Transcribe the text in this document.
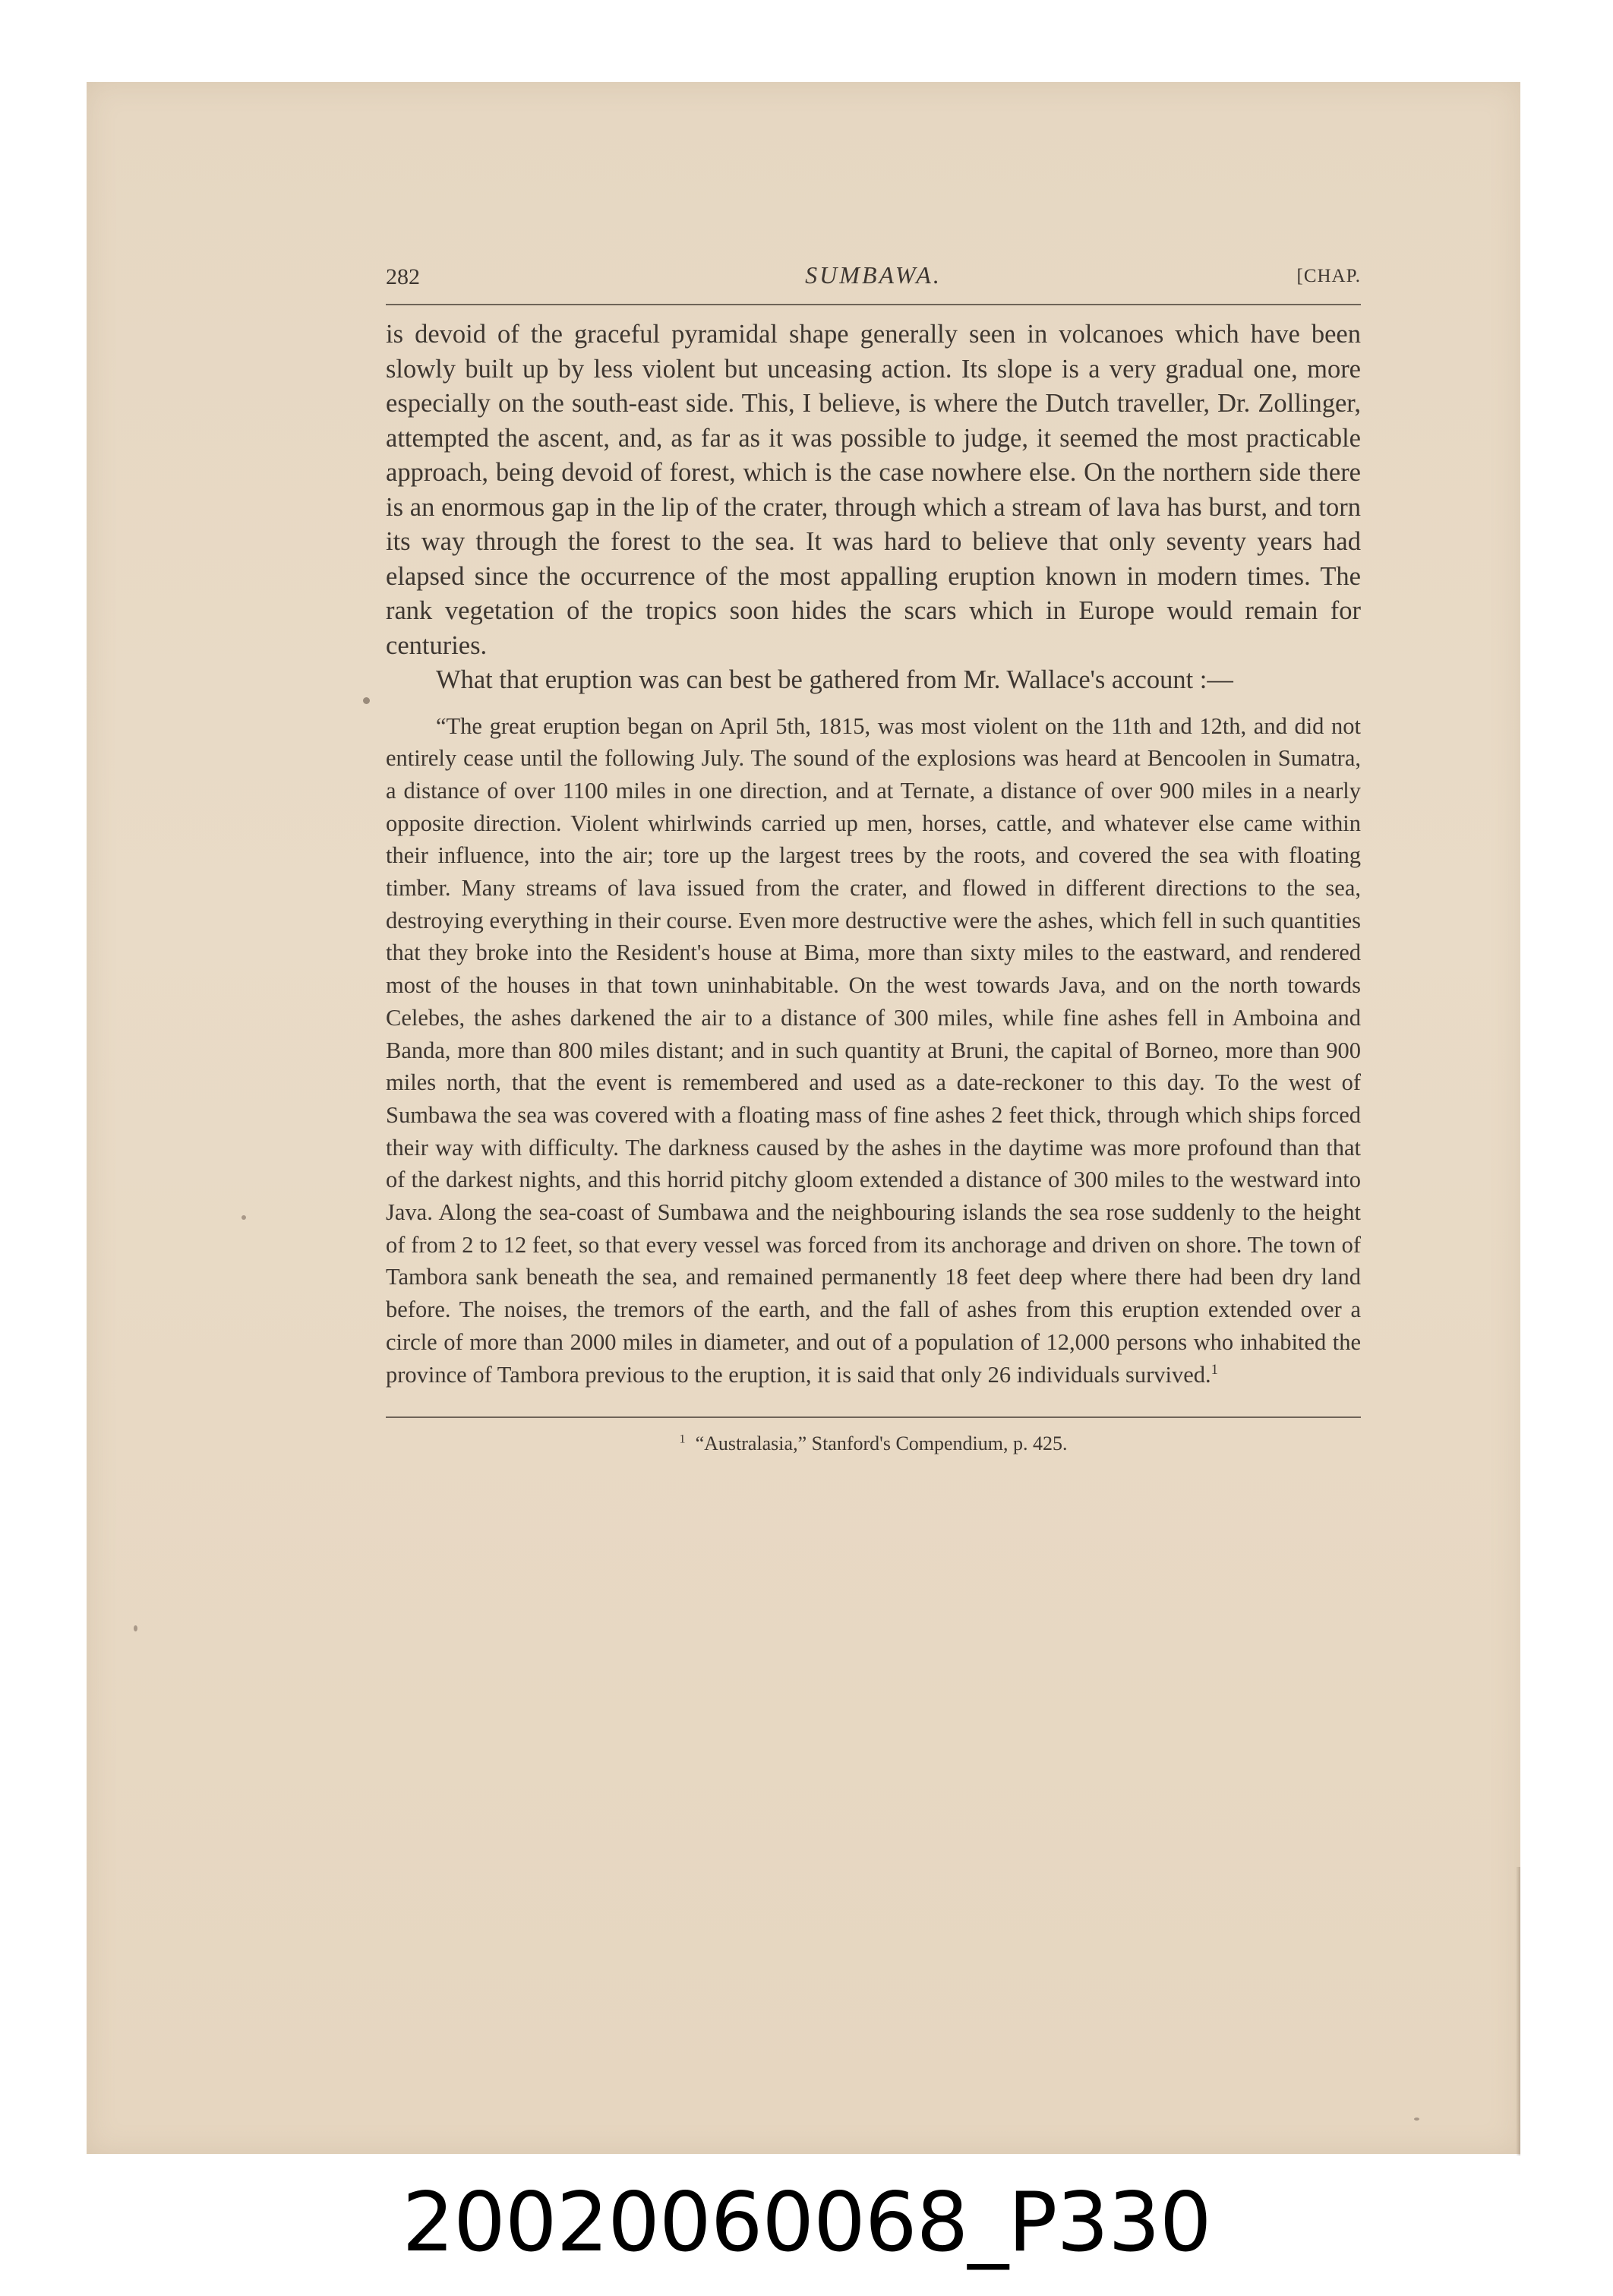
282	SUMBAWA.	[CHAP.

is devoid of the graceful pyramidal shape generally seen in volcanoes which have been slowly built up by less violent but unceasing action. Its slope is a very gradual one, more especially on the south-east side. This, I believe, is where the Dutch traveller, Dr. Zollinger, attempted the ascent, and, as far as it was possible to judge, it seemed the most practicable approach, being devoid of forest, which is the case nowhere else. On the northern side there is an enormous gap in the lip of the crater, through which a stream of lava has burst, and torn its way through the forest to the sea. It was hard to believe that only seventy years had elapsed since the occurrence of the most appalling eruption known in modern times. The rank vegetation of the tropics soon hides the scars which in Europe would remain for centuries.

What that eruption was can best be gathered from Mr. Wallace's account :—

“The great eruption began on April 5th, 1815, was most violent on the 11th and 12th, and did not entirely cease until the following July. The sound of the explosions was heard at Bencoolen in Sumatra, a distance of over 1100 miles in one direction, and at Ternate, a distance of over 900 miles in a nearly opposite direction. Violent whirlwinds carried up men, horses, cattle, and whatever else came within their influence, into the air; tore up the largest trees by the roots, and covered the sea with floating timber. Many streams of lava issued from the crater, and flowed in different directions to the sea, destroying everything in their course. Even more destructive were the ashes, which fell in such quantities that they broke into the Resident's house at Bima, more than sixty miles to the eastward, and rendered most of the houses in that town uninhabitable. On the west towards Java, and on the north towards Celebes, the ashes darkened the air to a distance of 300 miles, while fine ashes fell in Amboina and Banda, more than 800 miles distant; and in such quantity at Bruni, the capital of Borneo, more than 900 miles north, that the event is remembered and used as a date-reckoner to this day. To the west of Sumbawa the sea was covered with a floating mass of fine ashes 2 feet thick, through which ships forced their way with difficulty. The darkness caused by the ashes in the daytime was more profound than that of the darkest nights, and this horrid pitchy gloom extended a distance of 300 miles to the westward into Java. Along the sea-coast of Sumbawa and the neighbouring islands the sea rose suddenly to the height of from 2 to 12 feet, so that every vessel was forced from its anchorage and driven on shore. The town of Tambora sank beneath the sea, and remained permanently 18 feet deep where there had been dry land before. The noises, the tremors of the earth, and the fall of ashes from this eruption extended over a circle of more than 2000 miles in diameter, and out of a population of 12,000 persons who inhabited the province of Tambora previous to the eruption, it is said that only 26 individuals survived.$^1$

$^1$ “Australasia,” Stanford's Compendium, p. 425.

20020060068_P330
